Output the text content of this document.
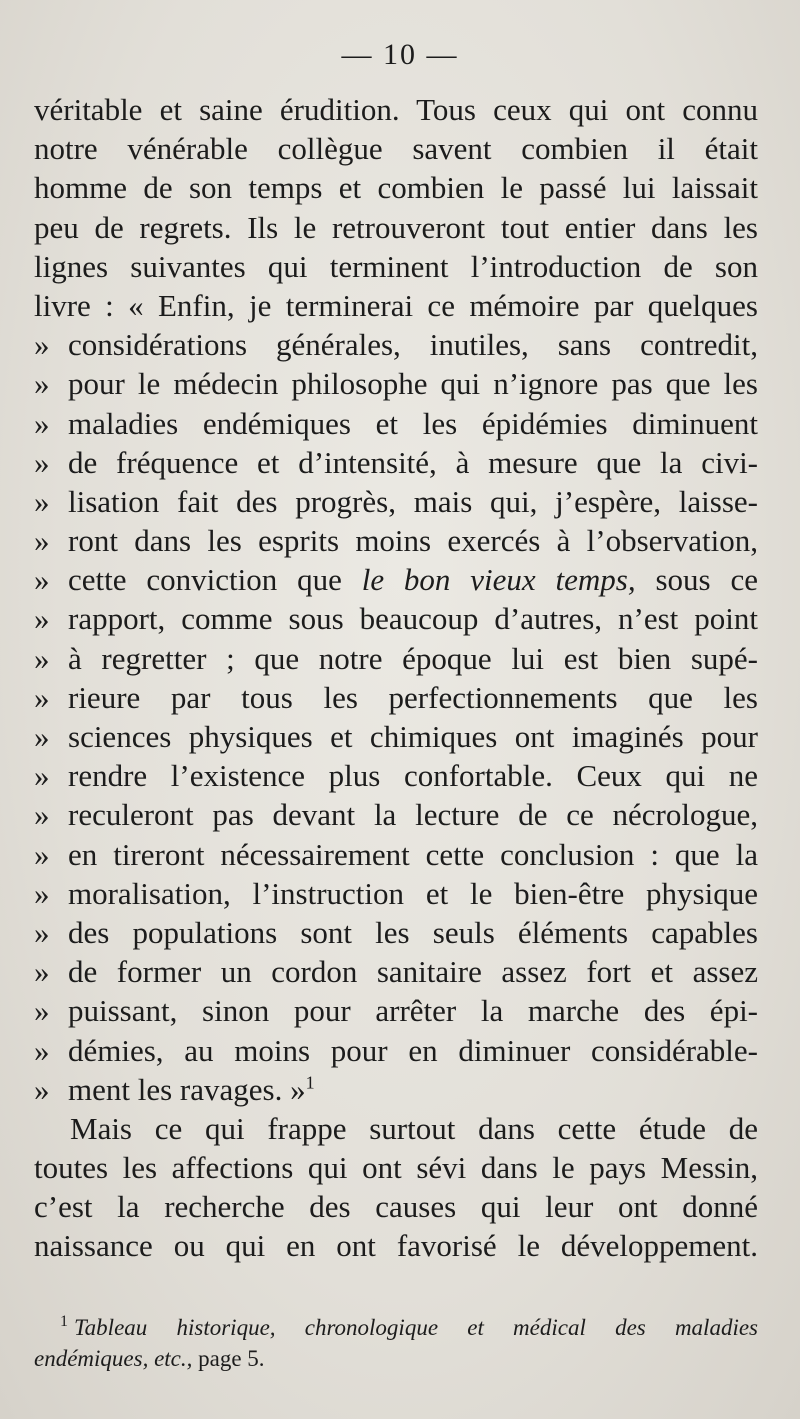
— 10 —
véritable et saine érudition. Tous ceux qui ont connu
notre vénérable collègue savent combien il était
homme de son temps et combien le passé lui laissait
peu de regrets. Ils le retrouveront tout entier dans les
lignes suivantes qui terminent l’introduction de son
livre : « Enfin, je terminerai ce mémoire par quelques
» considérations générales, inutiles, sans contredit,
» pour le médecin philosophe qui n’ignore pas que les
» maladies endémiques et les épidémies diminuent
» de fréquence et d’intensité, à mesure que la civi-
» lisation fait des progrès, mais qui, j’espère, laisse-
» ront dans les esprits moins exercés à l’observation,
» cette conviction que le bon vieux temps, sous ce
» rapport, comme sous beaucoup d’autres, n’est point
» à regretter ; que notre époque lui est bien supé-
» rieure par tous les perfectionnements que les
» sciences physiques et chimiques ont imaginés pour
» rendre l’existence plus confortable. Ceux qui ne
» reculeront pas devant la lecture de ce nécrologue,
» en tireront nécessairement cette conclusion : que la
» moralisation, l’instruction et le bien-être physique
» des populations sont les seuls éléments capables
» de former un cordon sanitaire assez fort et assez
» puissant, sinon pour arrêter la marche des épi-
» démies, au moins pour en diminuer considérable-
» ment les ravages. »$^1$
Mais ce qui frappe surtout dans cette étude de
toutes les affections qui ont sévi dans le pays Messin,
c’est la recherche des causes qui leur ont donné
naissance ou qui en ont favorisé le développement.
$^1$ Tableau historique, chronologique et médical des maladies
endémiques, etc., page 5.
